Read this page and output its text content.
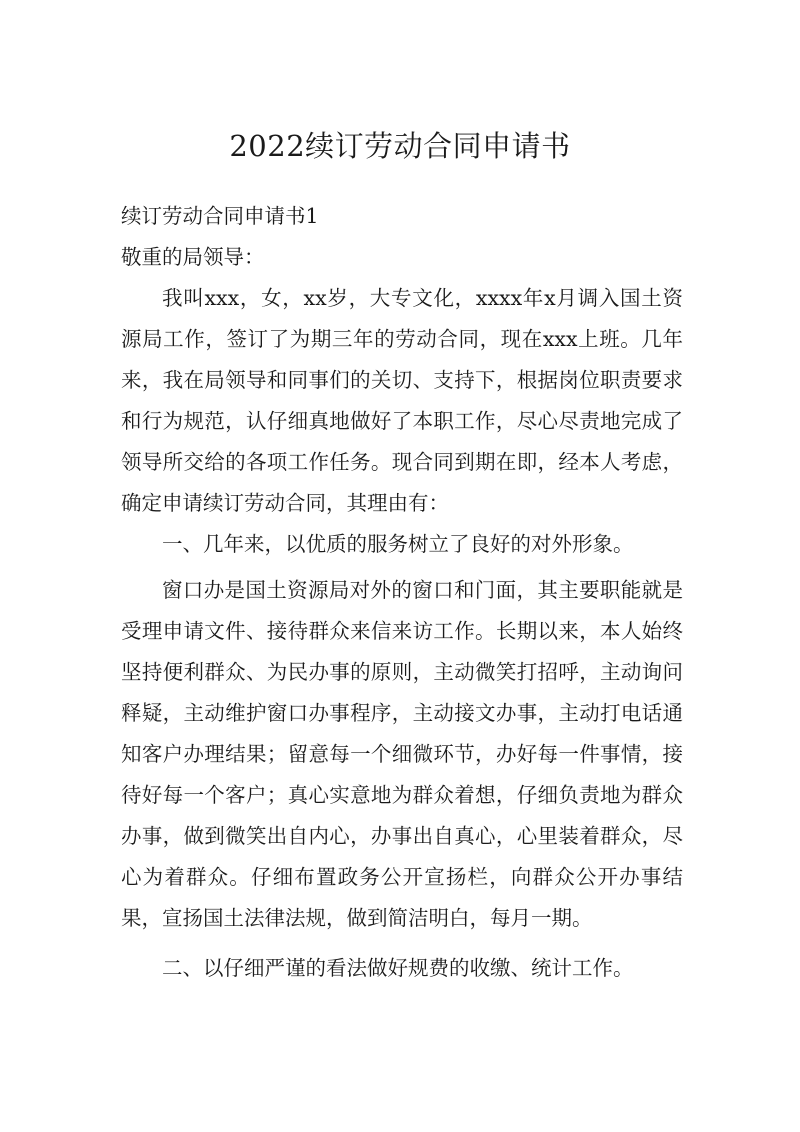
2022续订劳动合同申请书

续订劳动合同申请书1

敬重的局领导：

我叫xxx，女，xx岁，大专文化，xxxx年x月调入国土资源局工作，签订了为期三年的劳动合同，现在xxx上班。几年来，我在局领导和同事们的关切、支持下，根据岗位职责要求和行为规范，认仔细真地做好了本职工作，尽心尽责地完成了领导所交给的各项工作任务。现合同到期在即，经本人考虑，确定申请续订劳动合同，其理由有：

一、几年来，以优质的服务树立了良好的对外形象。

窗口办是国土资源局对外的窗口和门面，其主要职能就是受理申请文件、接待群众来信来访工作。长期以来，本人始终坚持便利群众、为民办事的原则，主动微笑打招呼，主动询问释疑，主动维护窗口办事程序，主动接文办事，主动打电话通知客户办理结果；留意每一个细微环节，办好每一件事情，接待好每一个客户；真心实意地为群众着想，仔细负责地为群众办事，做到微笑出自内心，办事出自真心，心里装着群众，尽心为着群众。仔细布置政务公开宣扬栏，向群众公开办事结果，宣扬国土法律法规，做到简洁明白，每月一期。

二、以仔细严谨的看法做好规费的收缴、统计工作。
